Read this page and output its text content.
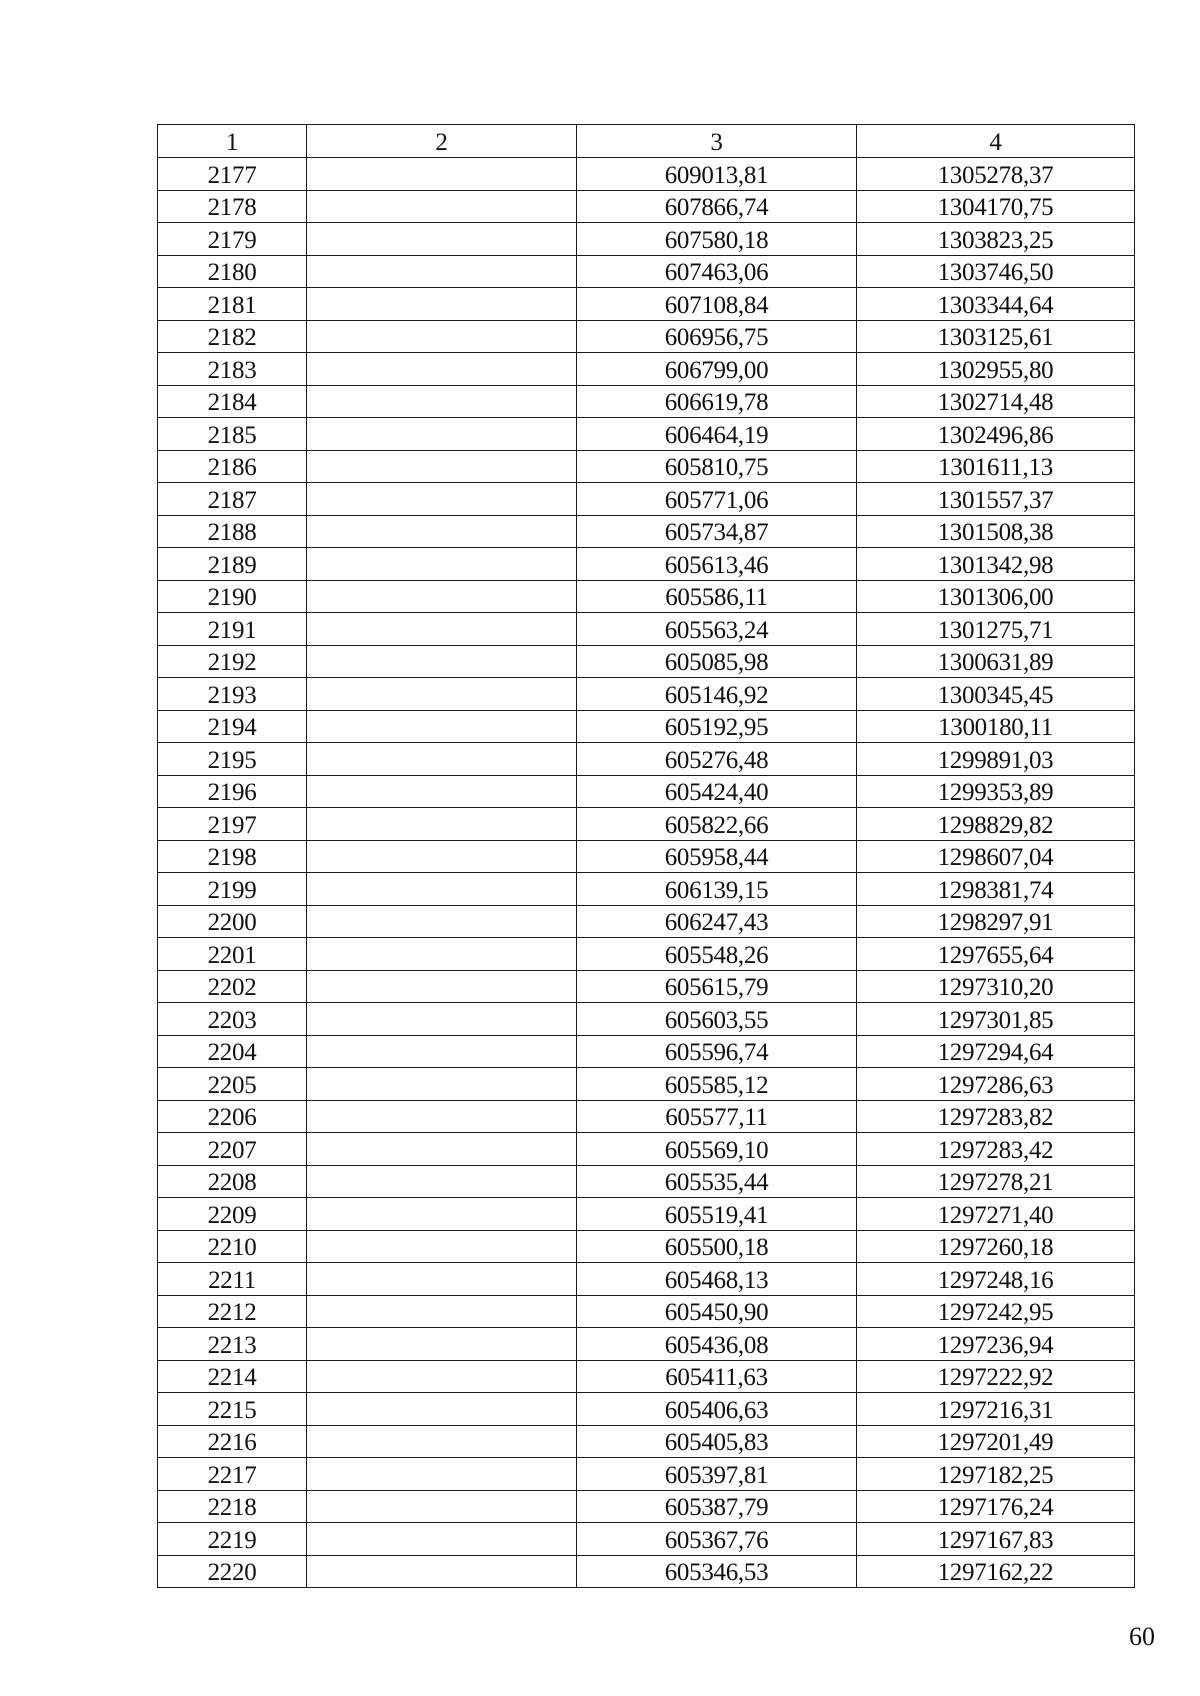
1	2	3	4
2177		609013,81	1305278,37
2178		607866,74	1304170,75
2179		607580,18	1303823,25
2180		607463,06	1303746,50
2181		607108,84	1303344,64
2182		606956,75	1303125,61
2183		606799,00	1302955,80
2184		606619,78	1302714,48
2185		606464,19	1302496,86
2186		605810,75	1301611,13
2187		605771,06	1301557,37
2188		605734,87	1301508,38
2189		605613,46	1301342,98
2190		605586,11	1301306,00
2191		605563,24	1301275,71
2192		605085,98	1300631,89
2193		605146,92	1300345,45
2194		605192,95	1300180,11
2195		605276,48	1299891,03
2196		605424,40	1299353,89
2197		605822,66	1298829,82
2198		605958,44	1298607,04
2199		606139,15	1298381,74
2200		606247,43	1298297,91
2201		605548,26	1297655,64
2202		605615,79	1297310,20
2203		605603,55	1297301,85
2204		605596,74	1297294,64
2205		605585,12	1297286,63
2206		605577,11	1297283,82
2207		605569,10	1297283,42
2208		605535,44	1297278,21
2209		605519,41	1297271,40
2210		605500,18	1297260,18
2211		605468,13	1297248,16
2212		605450,90	1297242,95
2213		605436,08	1297236,94
2214		605411,63	1297222,92
2215		605406,63	1297216,31
2216		605405,83	1297201,49
2217		605397,81	1297182,25
2218		605387,79	1297176,24
2219		605367,76	1297167,83
2220		605346,53	1297162,22
60
